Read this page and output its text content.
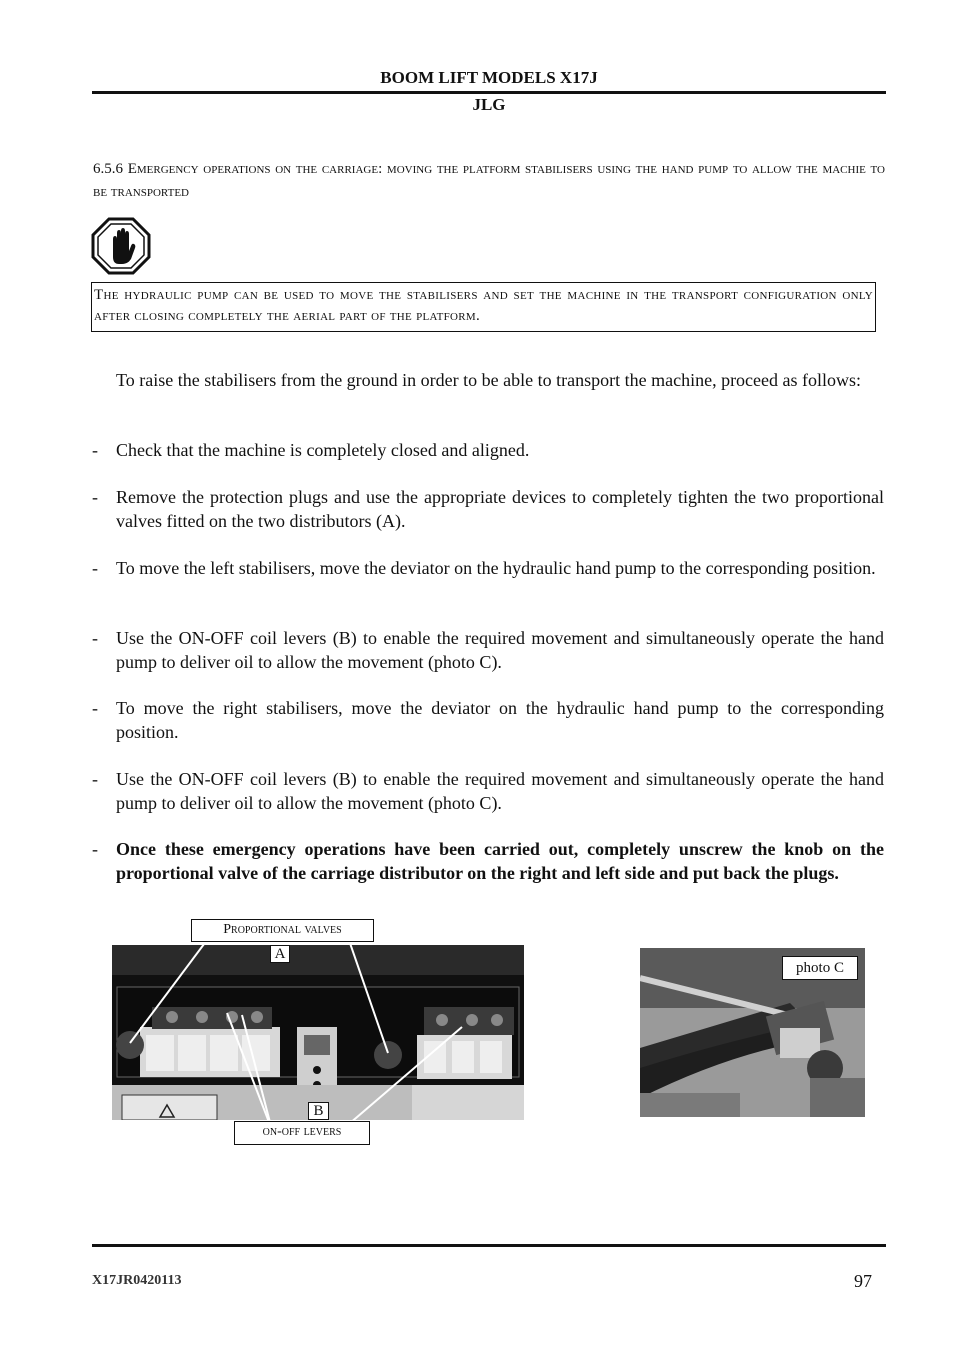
BOOM LIFT MODELS X17J
JLG
6.5.6 Emergency operations on the carriage: moving the platform stabilisers using the hand pump to allow the machie to be transported
The hydraulic pump can be used to move the stabilisers and set the machine in the transport configuration only after closing completely the aerial part of the platform.
To raise the stabilisers from the ground in order to be able to transport the machine, proceed as follows:
- Check that the machine is completely closed and aligned.
- Remove the protection plugs and use the appropriate devices to completely tighten the two proportional valves fitted on the two distributors (A).
- To move the left stabilisers, move the deviator on the hydraulic hand pump to the corresponding position.
- Use the ON-OFF coil levers (B) to enable the required movement and simultaneously operate the hand pump to deliver oil to allow the movement (photo C).
- To move the right stabilisers, move the deviator on the hydraulic hand pump to the corresponding position.
- Use the ON-OFF coil levers (B) to enable the required movement and simultaneously operate the hand pump to deliver oil to allow the movement (photo C).
- Once these emergency operations have been carried out, completely unscrew the knob on the proportional valve of the carriage distributor on the right and left side and put back the plugs.
Proportional valves
A
B
on-off levers
photo C
X17JR0420113	97
